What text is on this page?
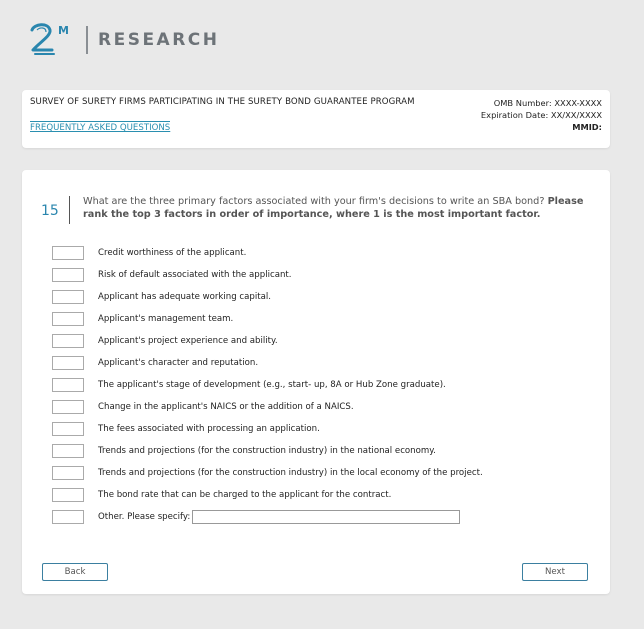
M RESEARCH
SURVEY OF SURETY FIRMS PARTICIPATING IN THE SURETY BOND GUARANTEE PROGRAM
FREQUENTLY ASKED QUESTIONS
OMB Number: XXXX-XXXX
Expiration Date: XX/XX/XXXX
MMID:
15
What are the three primary factors associated with your firm's decisions to write an SBA bond? Please rank the top 3 factors in order of importance, where 1 is the most important factor.
Credit worthiness of the applicant.
Risk of default associated with the applicant.
Applicant has adequate working capital.
Applicant's management team.
Applicant's project experience and ability.
Applicant's character and reputation.
The applicant's stage of development (e.g., start- up, 8A or Hub Zone graduate).
Change in the applicant's NAICS or the addition of a NAICS.
The fees associated with processing an application.
Trends and projections (for the construction industry) in the national economy.
Trends and projections (for the construction industry) in the local economy of the project.
The bond rate that can be charged to the applicant for the contract.
Other. Please specify:
Back	Next
